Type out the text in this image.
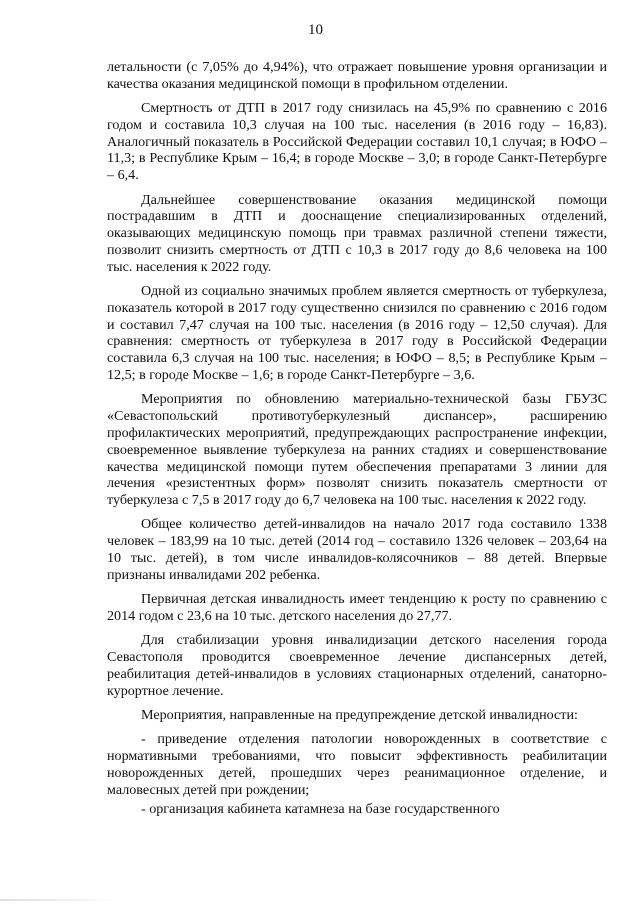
10

летальности (с 7,05% до 4,94%), что отражает повышение уровня организации и качества оказания медицинской помощи в профильном отделении.

Смертность от ДТП в 2017 году снизилась на 45,9% по сравнению с 2016 годом и составила 10,3 случая на 100 тыс. населения (в 2016 году – 16,83). Аналогичный показатель в Российской Федерации составил 10,1 случая; в ЮФО – 11,3; в Республике Крым – 16,4; в городе Москве – 3,0; в городе Санкт-Петербурге – 6,4.

Дальнейшее совершенствование оказания медицинской помощи пострадавшим в ДТП и дооснащение специализированных отделений, оказывающих медицинскую помощь при травмах различной степени тяжести, позволит снизить смертность от ДТП с 10,3 в 2017 году до 8,6 человека на 100 тыс. населения к 2022 году.

Одной из социально значимых проблем является смертность от туберкулеза, показатель которой в 2017 году существенно снизился по сравнению с 2016 годом и составил 7,47 случая на 100 тыс. населения (в 2016 году – 12,50 случая). Для сравнения: смертность от туберкулеза в 2017 году в Российской Федерации составила 6,3 случая на 100 тыс. населения; в ЮФО – 8,5; в Республике Крым – 12,5; в городе Москве – 1,6; в городе Санкт-Петербурге – 3,6.

Мероприятия по обновлению материально-технической базы ГБУЗС «Севастопольский противотуберкулезный диспансер», расширению профилактических мероприятий, предупреждающих распространение инфекции, своевременное выявление туберкулеза на ранних стадиях и совершенствование качества медицинской помощи путем обеспечения препаратами 3 линии для лечения «резистентных форм» позволят снизить показатель смертности от туберкулеза с 7,5 в 2017 году до 6,7 человека на 100 тыс. населения к 2022 году.

Общее количество детей-инвалидов на начало 2017 года составило 1338 человек – 183,99 на 10 тыс. детей (2014 год – составило 1326 человек – 203,64 на 10 тыс. детей), в том числе инвалидов-колясочников – 88 детей. Впервые признаны инвалидами 202 ребенка.

Первичная детская инвалидность имеет тенденцию к росту по сравнению с 2014 годом с 23,6 на 10 тыс. детского населения до 27,77.

Для стабилизации уровня инвалидизации детского населения города Севастополя проводится своевременное лечение диспансерных детей, реабилитация детей-инвалидов в условиях стационарных отделений, санаторно-курортное лечение.

Мероприятия, направленные на предупреждение детской инвалидности:

- приведение отделения патологии новорожденных в соответствие с нормативными требованиями, что повысит эффективность реабилитации новорожденных детей, прошедших через реанимационное отделение, и маловесных детей при рождении;

- организация кабинета катамнеза на базе государственного
